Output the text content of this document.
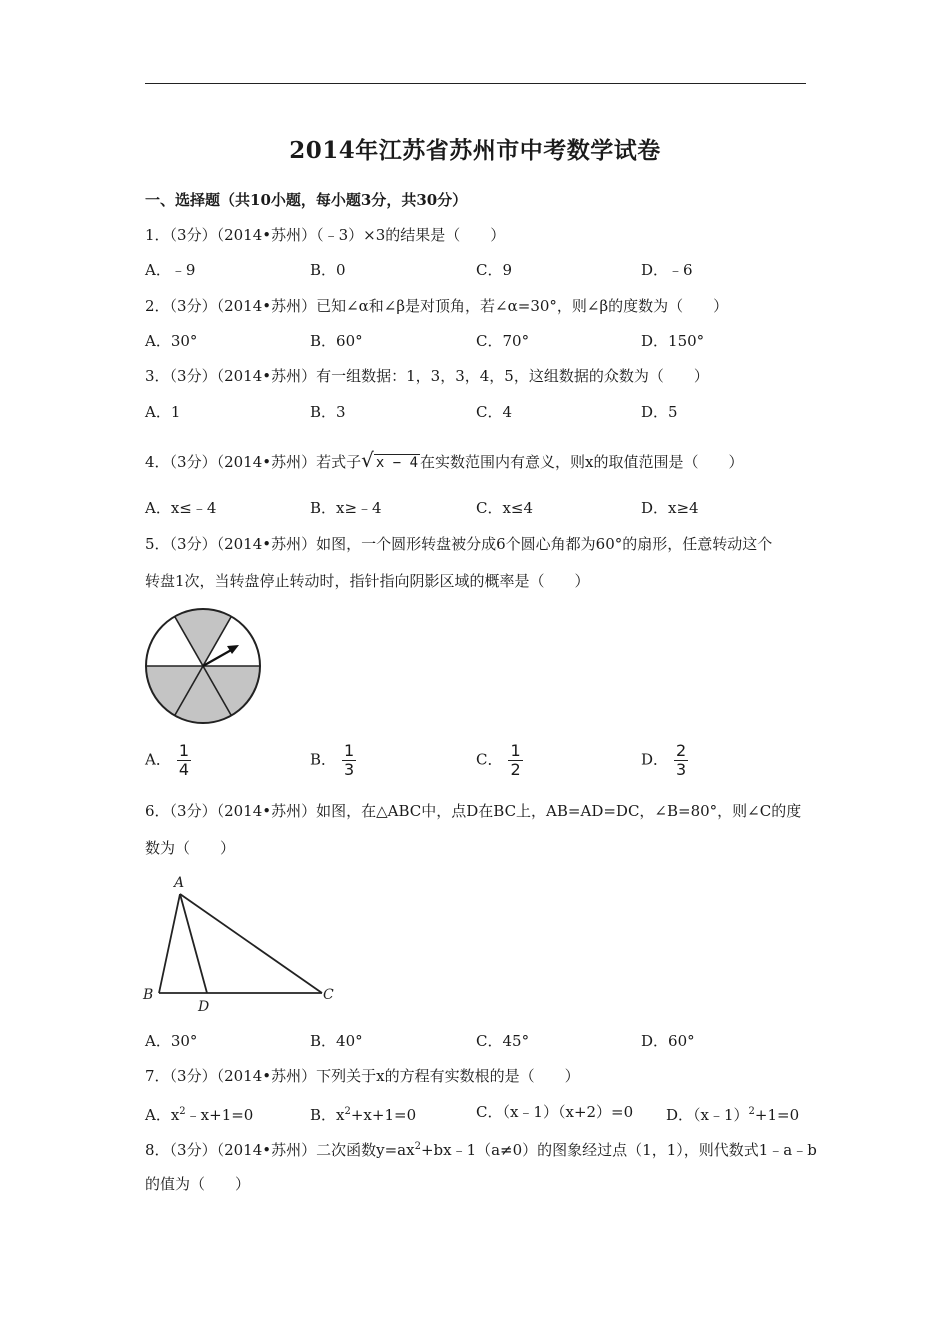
2014年江苏省苏州市中考数学试卷
一、选择题（共10小题，每小题3分，共30分）
1．（3分）（2014•苏州）（﹣3）×3的结果是（　　）
A．﹣9	B．0	C．9	D．﹣6
2．（3分）（2014•苏州）已知∠α和∠β是对顶角，若∠α=30°，则∠β的度数为（　　）
A．30°	B．60°	C．70°	D．150°
3．（3分）（2014•苏州）有一组数据：1，3，3，4，5，这组数据的众数为（　　）
A．1	B．3	C．4	D．5
4．（3分）（2014•苏州）若式子√ x − 4 在实数范围内有意义，则x的取值范围是（　　）
A．x≤﹣4	B．x≥﹣4	C．x≤4	D．x≥4
5．（3分）（2014•苏州）如图，一个圆形转盘被分成6个圆心角都为60°的扇形，任意转动这个
转盘1次，当转盘停止转动时，指针指向阴影区域的概率是（　　）
A． $\frac{1}{4}$	B． $\frac{1}{3}$	C． $\frac{1}{2}$	D． $\frac{2}{3}$
6．（3分）（2014•苏州）如图，在△ABC中，点D在BC上，AB=AD=DC，∠B=80°，则∠C的度
数为（　　）
A
B
D
C
A．30°	B．40°	C．45°	D．60°
7．（3分）（2014•苏州）下列关于x的方程有实数根的是（　　）
A．$x^2﹣x+1=0$	B．$x^2+x+1=0$	C．（x﹣1）（x+2）=0 D．（x﹣1）$^2$+1=0
8．（3分）（2014•苏州）二次函数$y=ax^2+bx﹣1(a\ne 0)$的图象经过点（1，1），则代数式1﹣a﹣b
的值为（　　）
